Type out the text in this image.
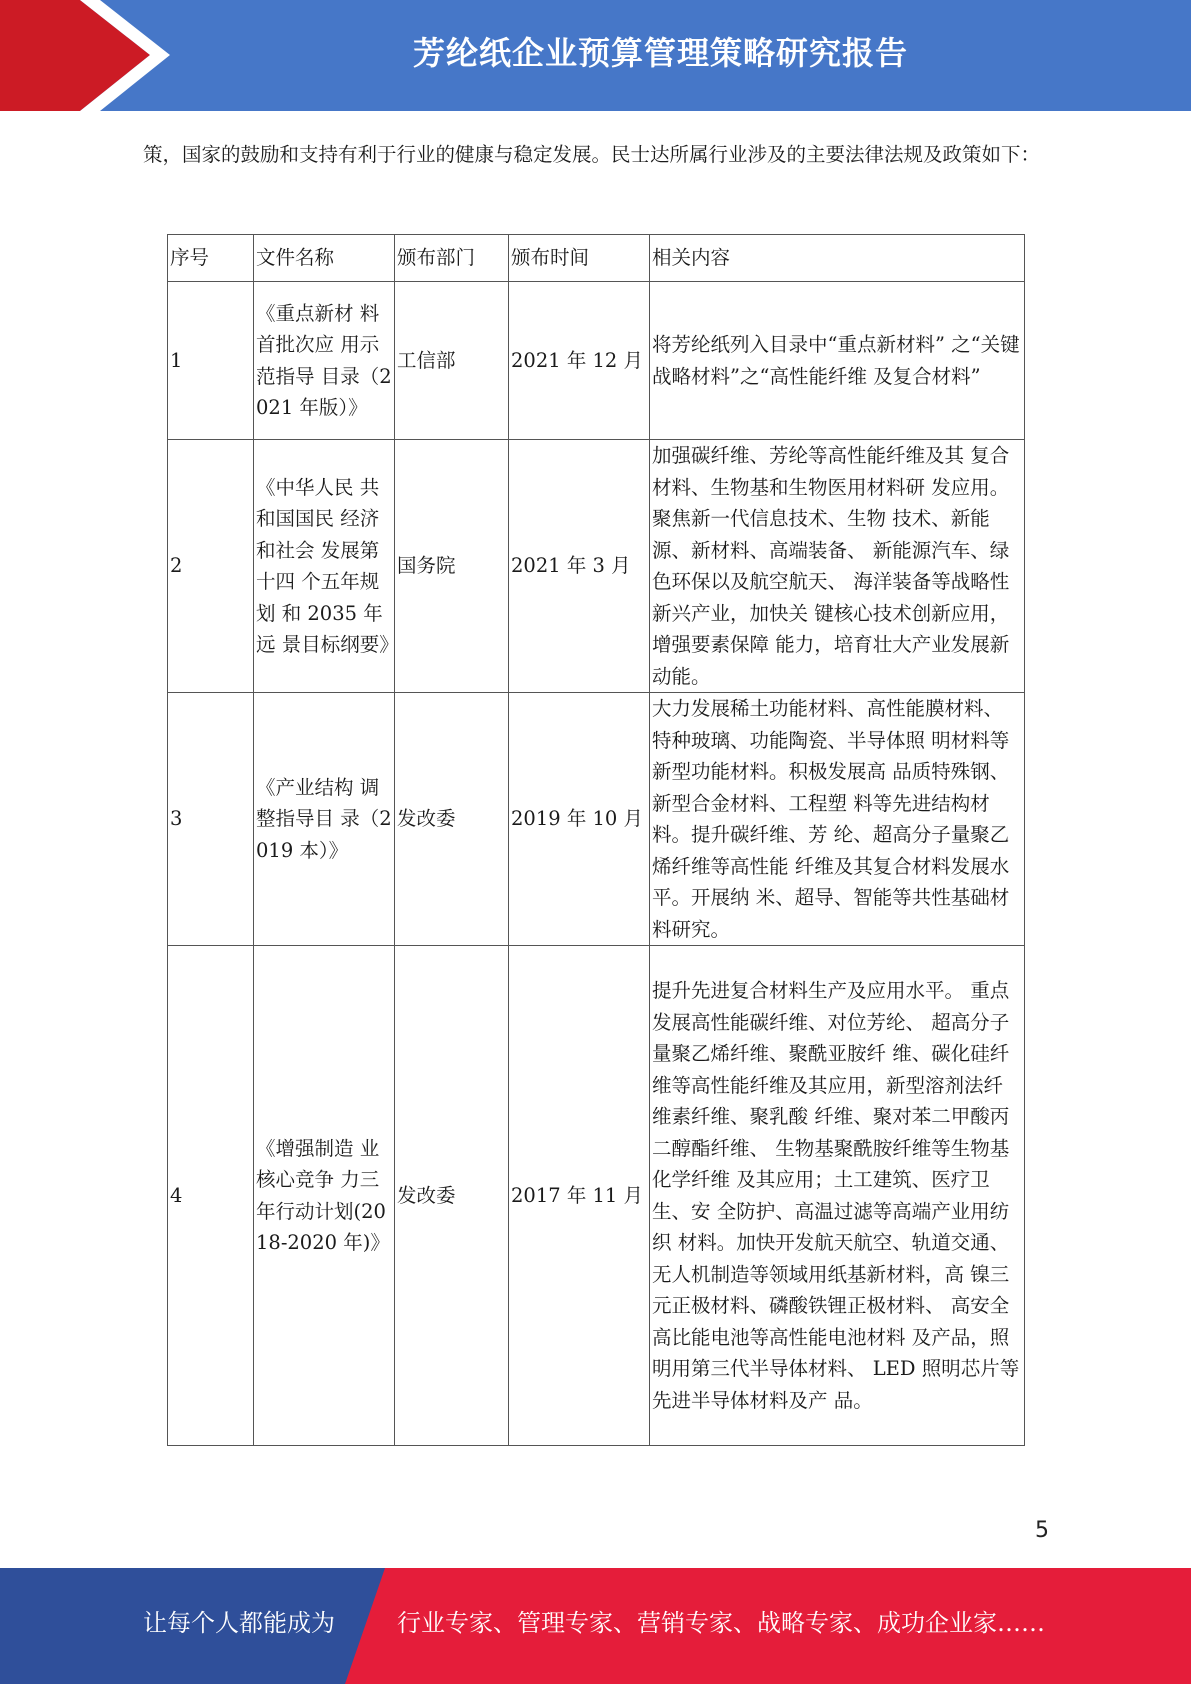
芳纶纸企业预算管理策略研究报告

策，国家的鼓励和支持有利于行业的健康与稳定发展。民士达所属行业涉及的主要法律法规及政策如下：

序号	文件名称	颁布部门	颁布时间	相关内容
1	《重点新材 料首批次应 用示范指导 目录（2021 年版）》	工信部	2021 年 12 月	将芳纶纸列入目录中“重点新材料” 之“关键战略材料”之“高性能纤维 及复合材料”
2	《中华人民 共和国国民 经济和社会 发展第十四 个五年规划 和 2035 年远 景目标纲要》	国务院	2021 年 3 月	加强碳纤维、芳纶等高性能纤维及其 复合材料、生物基和生物医用材料研 发应用。聚焦新一代信息技术、生物 技术、新能源、新材料、高端装备、 新能源汽车、绿色环保以及航空航天、 海洋装备等战略性新兴产业，加快关 键核心技术创新应用，增强要素保障 能力，培育壮大产业发展新动能。
3	《产业结构 调整指导目 录（2019 本）》	发改委	2019 年 10 月	大力发展稀土功能材料、高性能膜材料、特种玻璃、功能陶瓷、半导体照 明材料等新型功能材料。积极发展高 品质特殊钢、新型合金材料、工程塑 料等先进结构材料。提升碳纤维、芳 纶、超高分子量聚乙烯纤维等高性能 纤维及其复合材料发展水平。开展纳 米、超导、智能等共性基础材料研究。
4	《增强制造 业核心竞争 力三年行动计划(2018-2020 年)》	发改委	2017 年 11 月	提升先进复合材料生产及应用水平。 重点发展高性能碳纤维、对位芳纶、 超高分子量聚乙烯纤维、聚酰亚胺纤 维、碳化硅纤维等高性能纤维及其应用，新型溶剂法纤维素纤维、聚乳酸 纤维、聚对苯二甲酸丙二醇酯纤维、 生物基聚酰胺纤维等生物基化学纤维 及其应用；土工建筑、医疗卫生、安 全防护、高温过滤等高端产业用纺织 材料。加快开发航天航空、轨道交通、 无人机制造等领域用纸基新材料，高 镍三元正极材料、磷酸铁锂正极材料、 高安全高比能电池等高性能电池材料 及产品，照明用第三代半导体材料、 LED 照明芯片等先进半导体材料及产 品。
5
让每个人都能成为	行业专家、管理专家、营销专家、战略专家、成功企业家……
